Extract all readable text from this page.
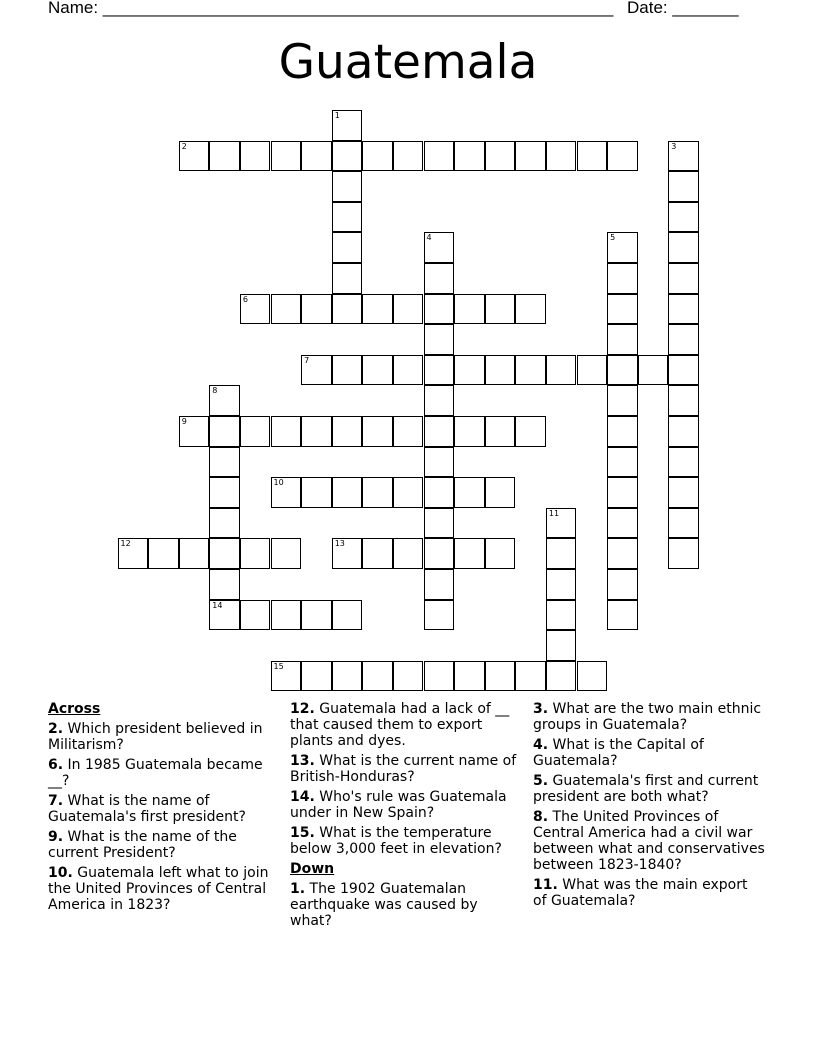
Name: ______________________________________________________ Date: _______
Guatemala
1
2	3
4	5
6
7
8
14
9
10
11
12	13
15
Across
2. Which president believed in Militarism?
6. In 1985 Guatemala became __?
7. What is the name of Guatemala's first president?
9. What is the name of the current President?
10. Guatemala left what to join the United Provinces of Central America in 1823?
12. Guatemala had a lack of __ that caused them to export plants and dyes.
13. What is the current name of British-Honduras?
14. Who's rule was Guatemala under in New Spain?
15. What is the temperature below 3,000 feet in elevation?
Down
1. The 1902 Guatemalan earthquake was caused by what?
3. What are the two main ethnic groups in Guatemala?
4. What is the Capital of Guatemala?
5. Guatemala's first and current president are both what?
8. The United Provinces of Central America had a civil war between what and conservatives between 1823-1840?
11. What was the main export of Guatemala?
